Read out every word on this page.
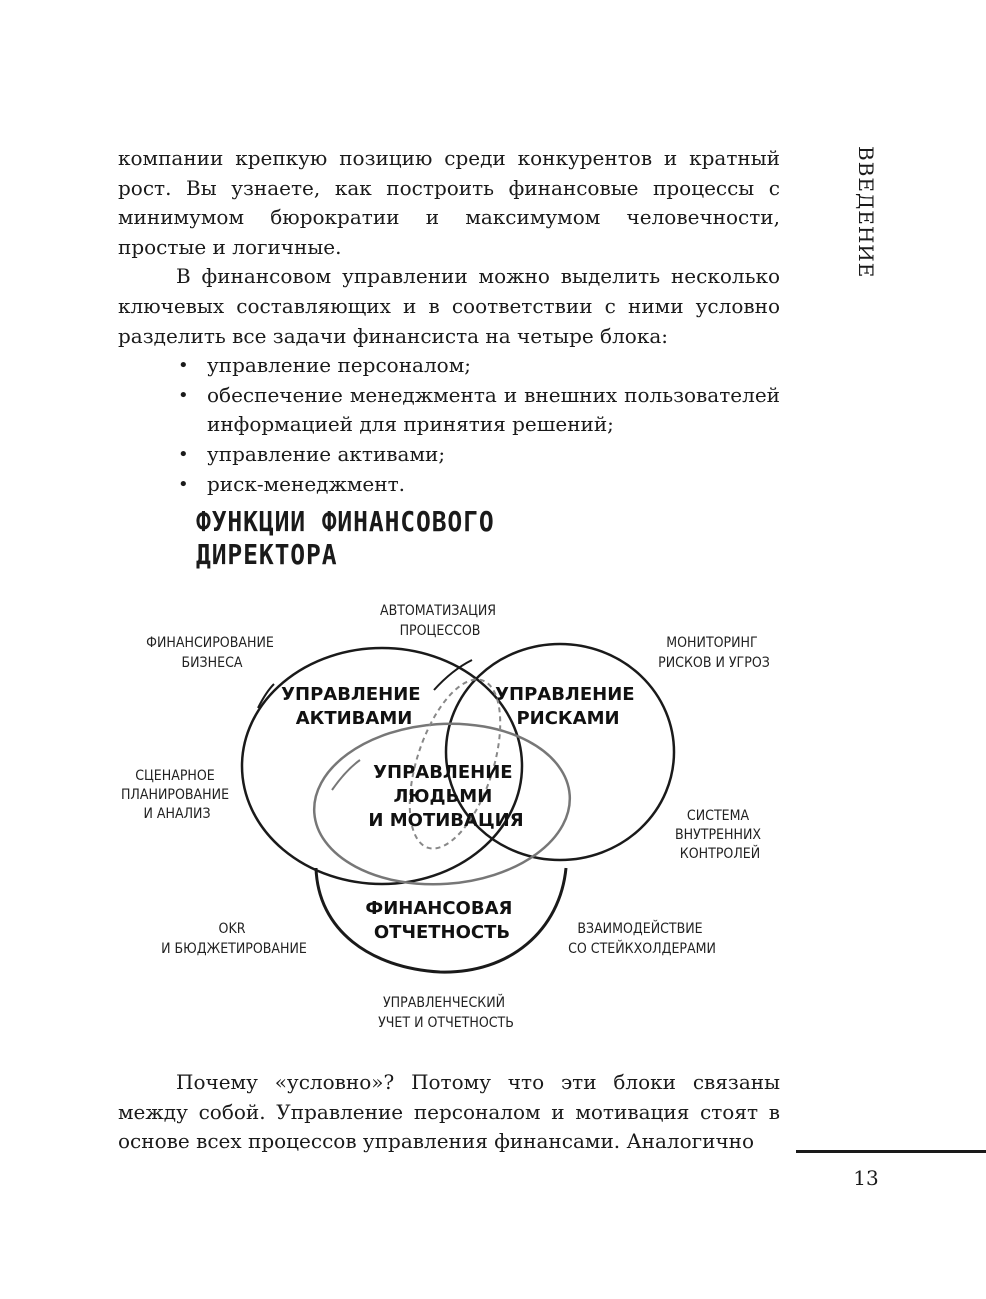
ВВЕДЕНИЕ

компании крепкую позицию среди конкурентов и кратный рост. Вы узнаете, как построить финансовые процессы с минимумом бюрократии и максимумом человечности, простые и логичные.

В финансовом управлении можно выделить несколько ключевых составляющих и в соответствии с ними условно разделить все задачи финансиста на четыре блока:

• управление персоналом;
• обеспечение менеджмента и внешних пользователей информацией для принятия решений;
• управление активами;
• риск-менеджмент.
ФУНКЦИИ ФИНАНСОВОГО ДИРЕКТОРА
УПРАВЛЕНИЕ АКТИВАМИ
УПРАВЛЕНИЕ РИСКАМИ
УПРАВЛЕНИЕ ЛЮДЬМИ И МОТИВАЦИЯ
ФИНАНСОВАЯ ОТЧЕТНОСТЬ
АВТОМАТИЗАЦИЯ ПРОЦЕССОВ
ФИНАНСИРОВАНИЕ БИЗНЕСА
МОНИТОРИНГ РИСКОВ И УГРОЗ
СЦЕНАРНОЕ ПЛАНИРОВАНИЕ И АНАЛИЗ	СИСТЕМА ВНУТРЕННИХ КОНТРОЛЕЙ
OKR И БЮДЖЕТИРОВАНИЕ
ВЗАИМОДЕЙСТВИЕ СО СТЕЙКХОЛДЕРАМИ
УПРАВЛЕНЧЕСКИЙ УЧЕТ И ОТЧЕТНОСТЬ

Почему «условно»? Потому что эти блоки связаны между собой. Управление персоналом и мотивация стоят в основе всех процессов управления финансами. Аналогично

13
